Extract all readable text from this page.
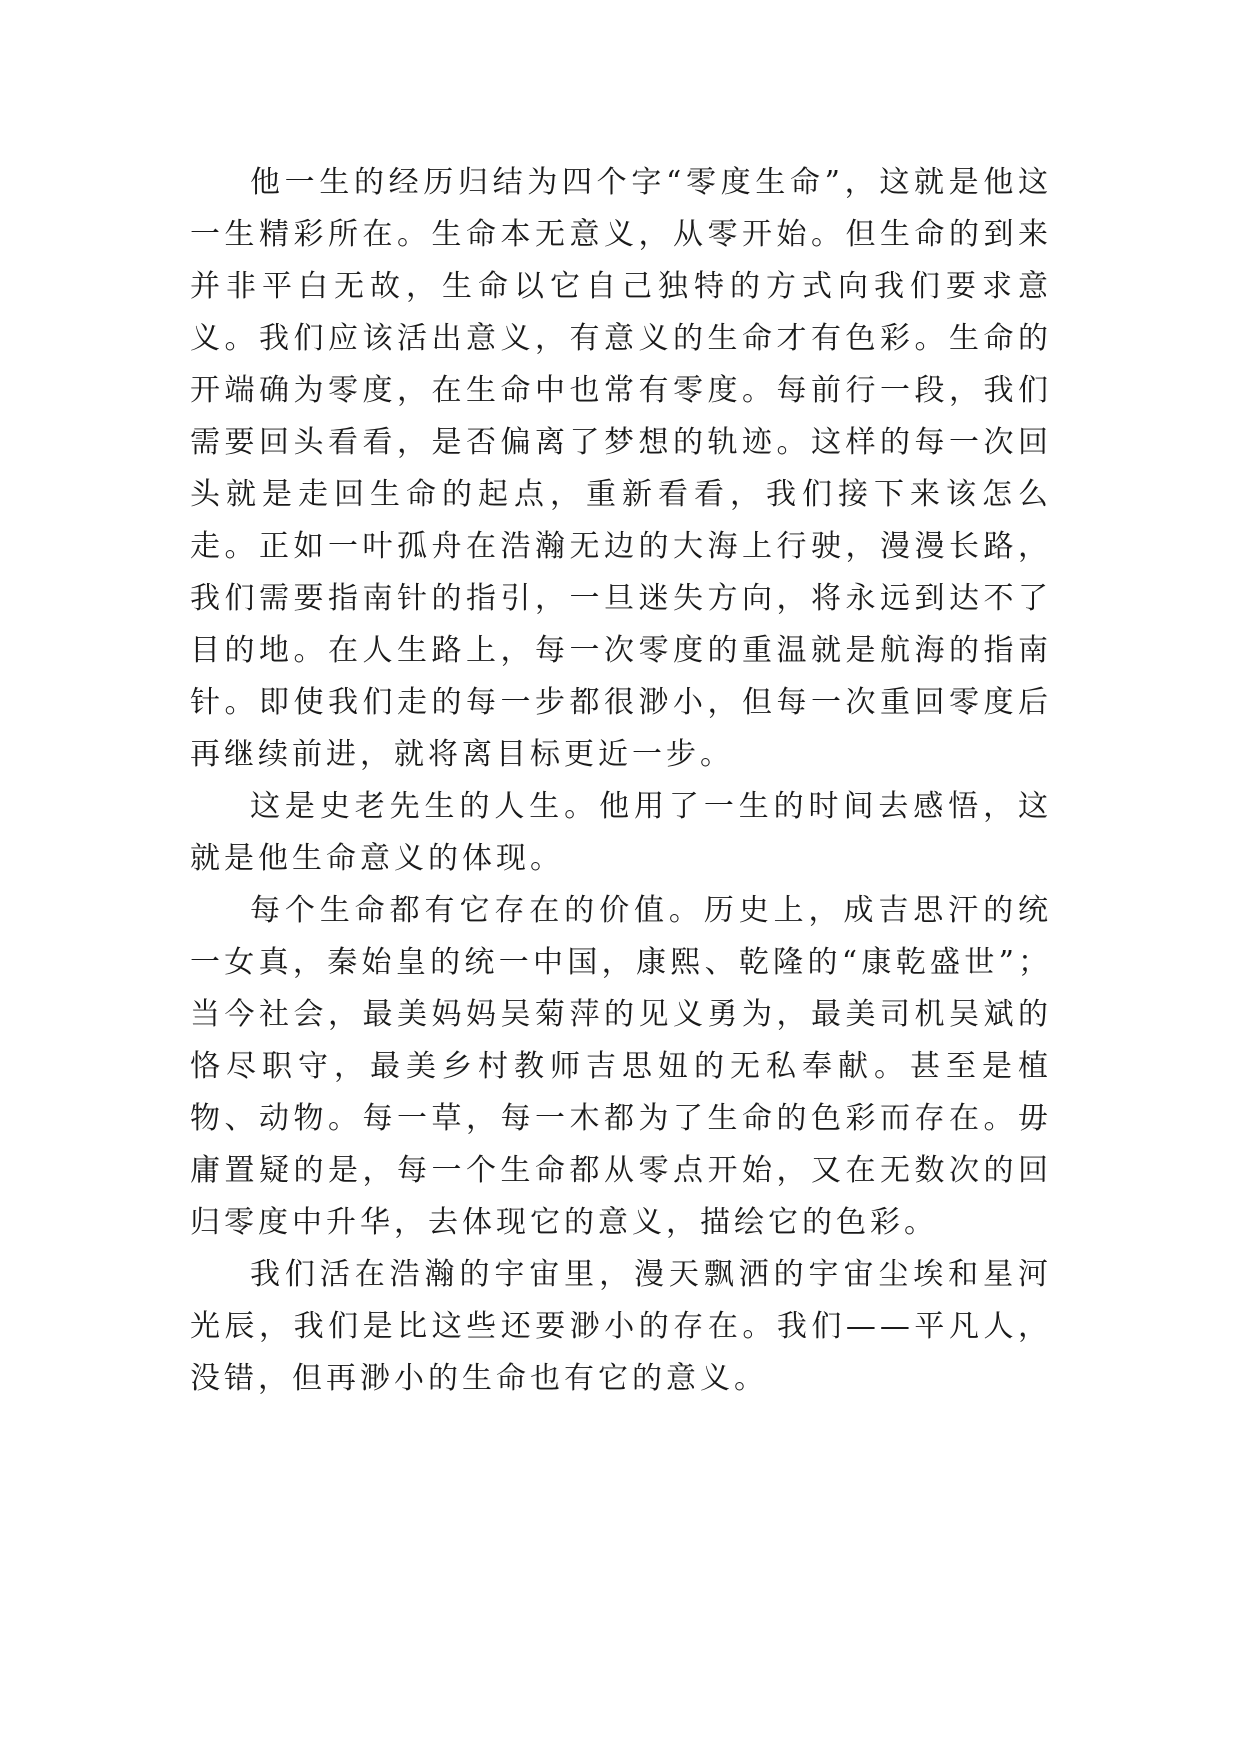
他一生的经历归结为四个字“零度生命”，这就是他这一生精彩所在。生命本无意义，从零开始。但生命的到来并非平白无故，生命以它自己独特的方式向我们要求意义。我们应该活出意义，有意义的生命才有色彩。生命的开端确为零度，在生命中也常有零度。每前行一段，我们需要回头看看，是否偏离了梦想的轨迹。这样的每一次回头就是走回生命的起点，重新看看，我们接下来该怎么走。正如一叶孤舟在浩瀚无边的大海上行驶，漫漫长路，我们需要指南针的指引，一旦迷失方向，将永远到达不了目的地。在人生路上，每一次零度的重温就是航海的指南针。即使我们走的每一步都很渺小，但每一次重回零度后再继续前进，就将离目标更近一步。

这是史老先生的人生。他用了一生的时间去感悟，这就是他生命意义的体现。

每个生命都有它存在的价值。历史上，成吉思汗的统一女真，秦始皇的统一中国，康熙、乾隆的“康乾盛世”；当今社会，最美妈妈吴菊萍的见义勇为，最美司机吴斌的恪尽职守，最美乡村教师吉思妞的无私奉献。甚至是植物、动物。每一草，每一木都为了生命的色彩而存在。毋庸置疑的是，每一个生命都从零点开始，又在无数次的回归零度中升华，去体现它的意义，描绘它的色彩。

我们活在浩瀚的宇宙里，漫天飘洒的宇宙尘埃和星河光辰，我们是比这些还要渺小的存在。我们——平凡人，没错，但再渺小的生命也有它的意义。
